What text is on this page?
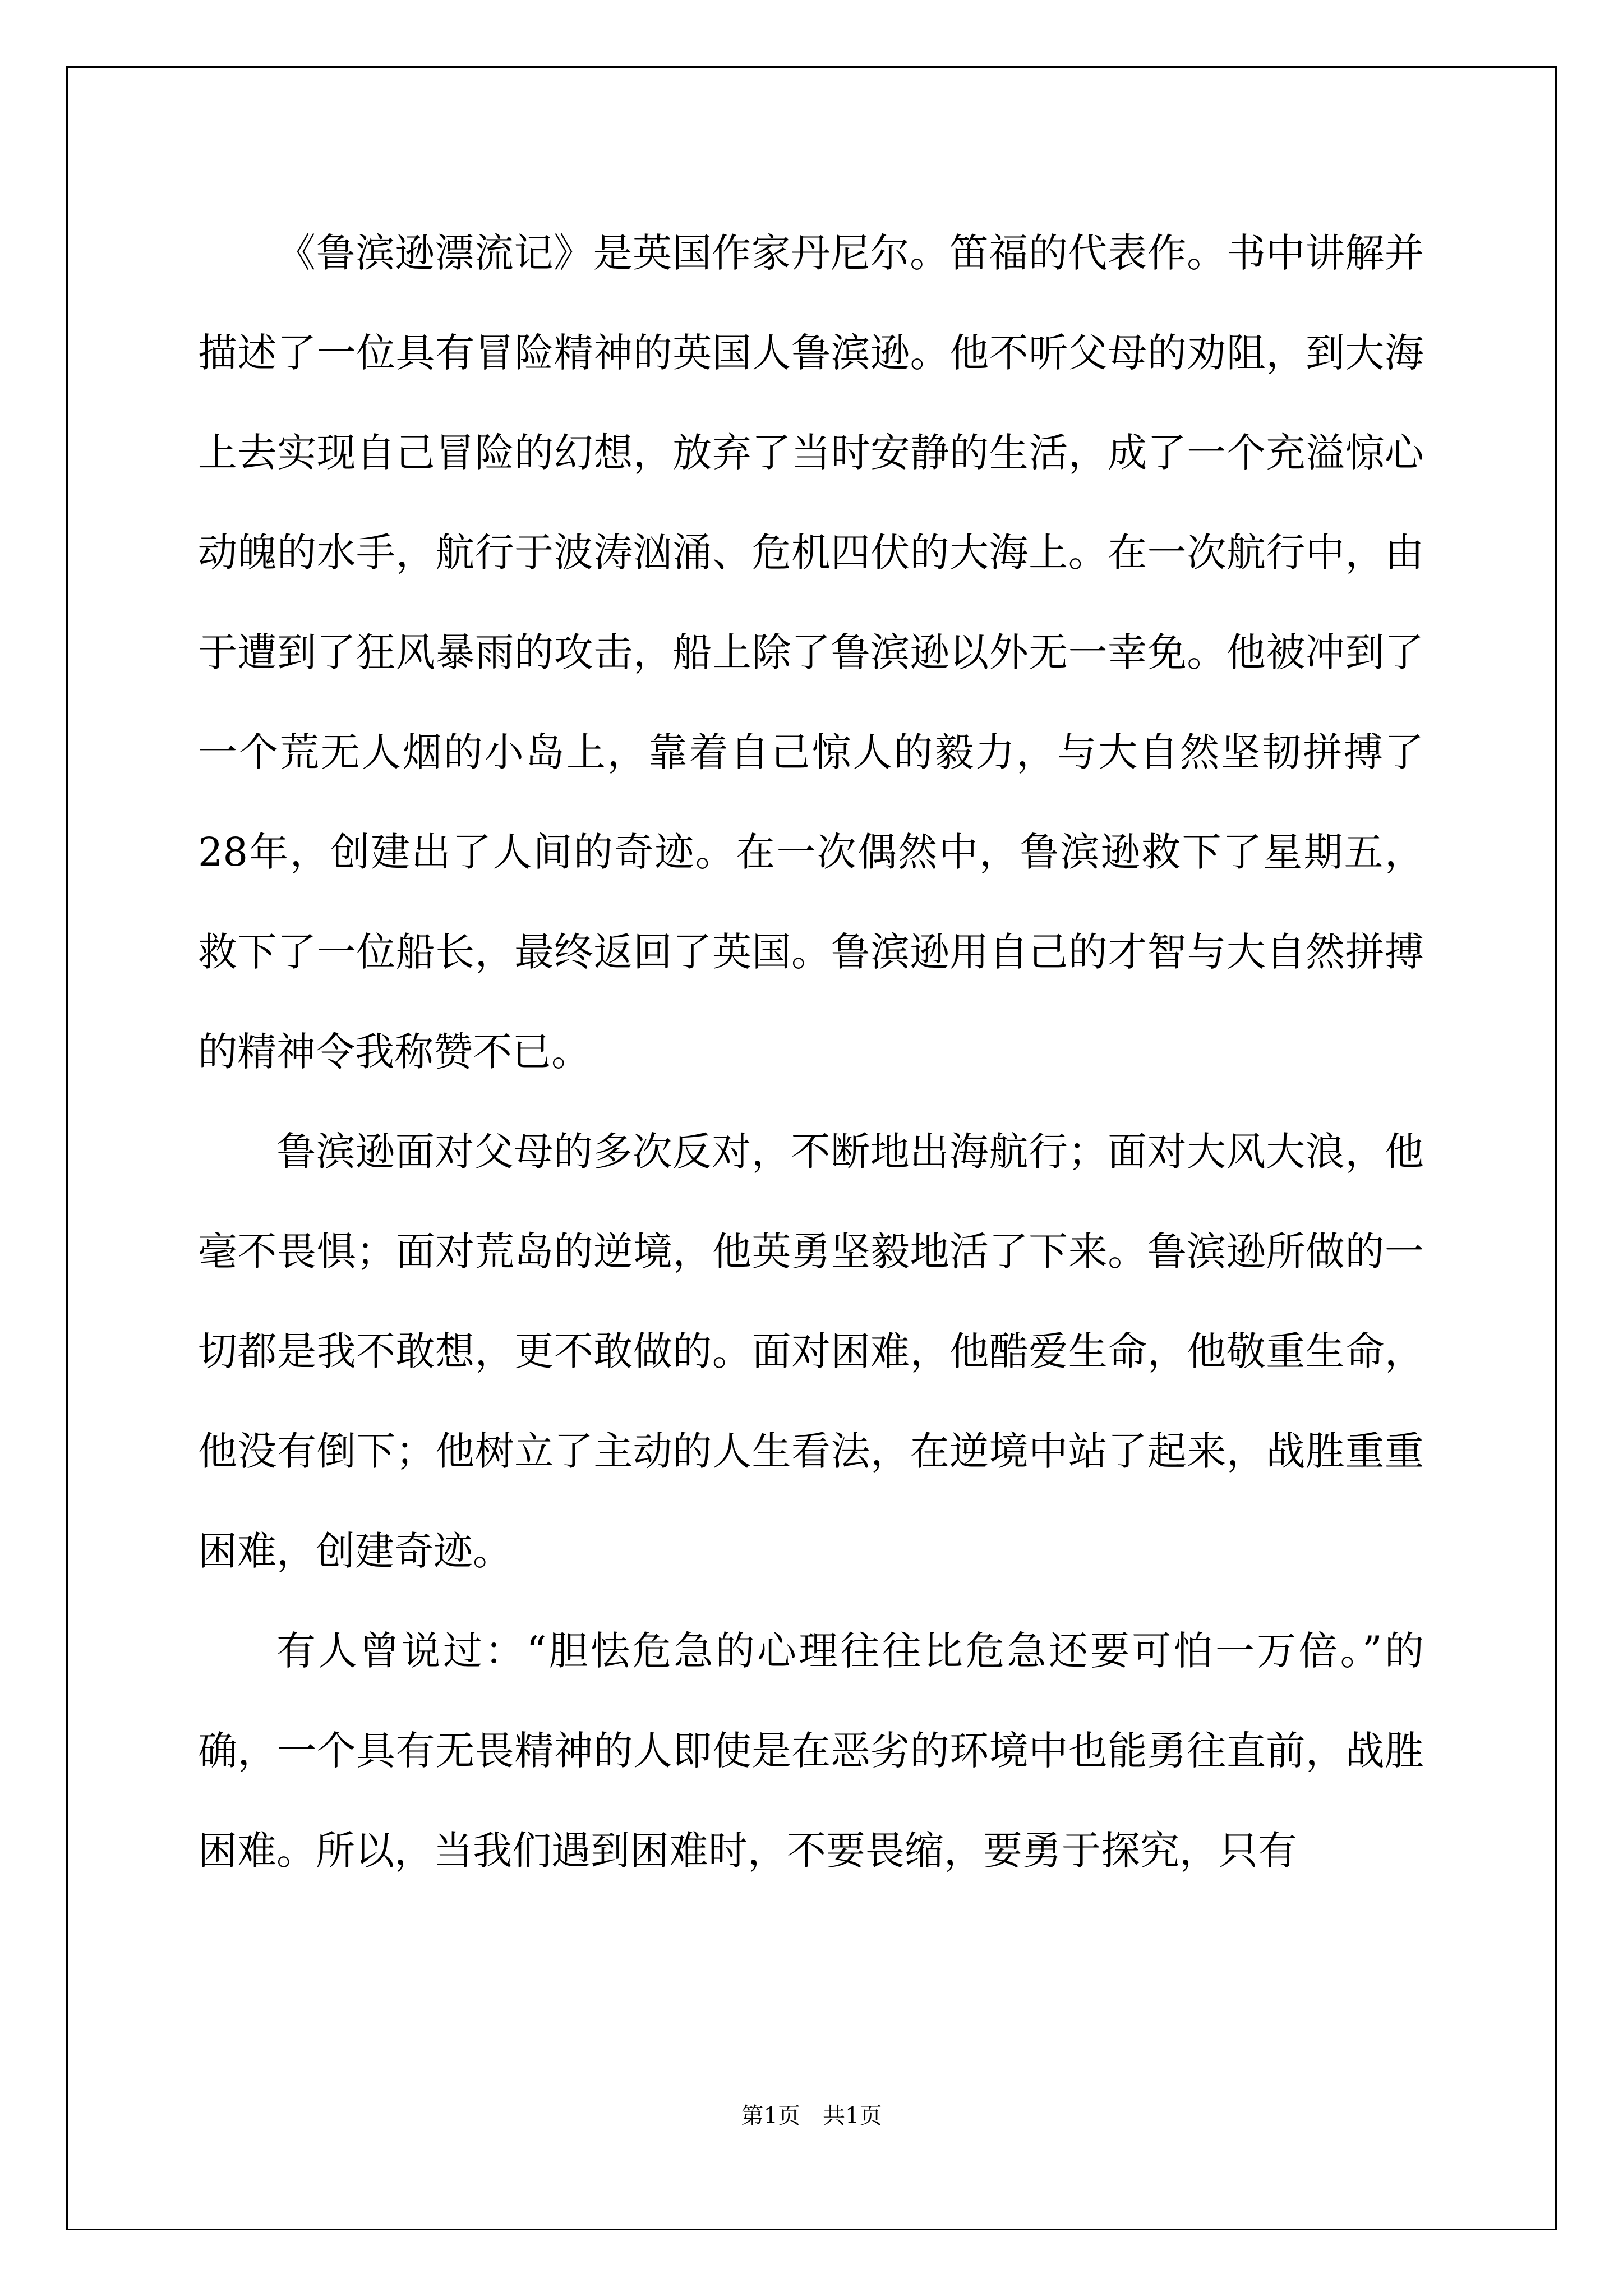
《鲁滨逊漂流记》是英国作家丹尼尔。笛福的代表作。书中讲解并描述了一位具有冒险精神的英国人鲁滨逊。他不听父母的劝阻，到大海上去实现自己冒险的幻想，放弃了当时安静的生活，成了一个充溢惊心动魄的水手，航行于波涛汹涌、危机四伏的大海上。在一次航行中，由于遭到了狂风暴雨的攻击，船上除了鲁滨逊以外无一幸免。他被冲到了一个荒无人烟的小岛上，靠着自己惊人的毅力，与大自然坚韧拼搏了28年，创建出了人间的奇迹。在一次偶然中，鲁滨逊救下了星期五，救下了一位船长，最终返回了英国。鲁滨逊用自己的才智与大自然拼搏的精神令我称赞不已。

鲁滨逊面对父母的多次反对，不断地出海航行；面对大风大浪，他毫不畏惧；面对荒岛的逆境，他英勇坚毅地活了下来。鲁滨逊所做的一切都是我不敢想，更不敢做的。面对困难，他酷爱生命，他敬重生命，他没有倒下；他树立了主动的人生看法，在逆境中站了起来，战胜重重困难，创建奇迹。

有人曾说过：“胆怯危急的心理往往比危急还要可怕一万倍。”的确，一个具有无畏精神的人即使是在恶劣的环境中也能勇往直前，战胜困难。所以，当我们遇到困难时，不要畏缩，要勇于探究，只有

第1页　共1页
